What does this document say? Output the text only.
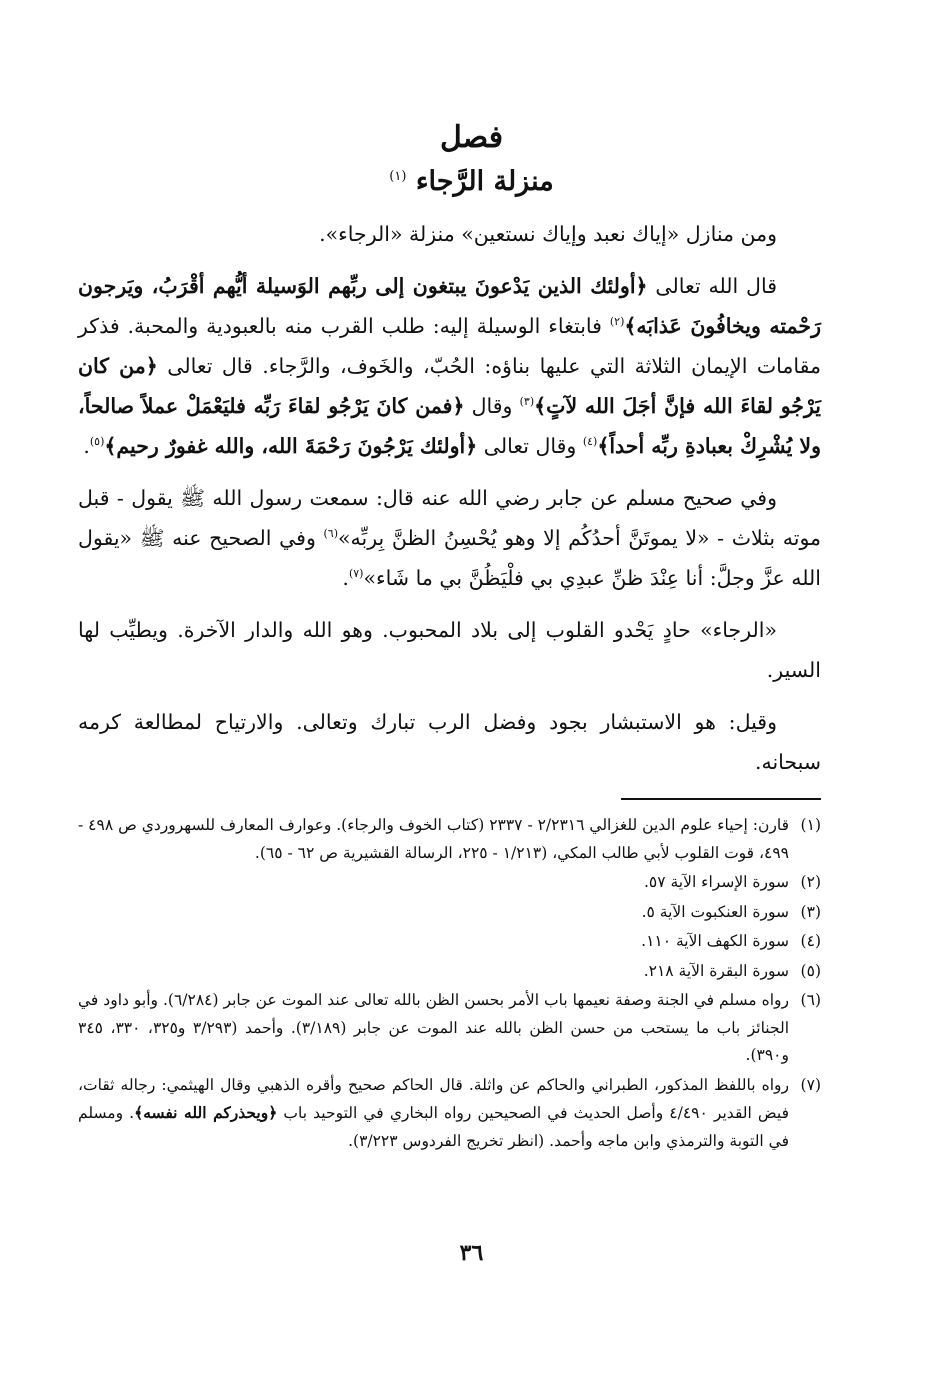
فصل
منزلة الرَّجاء $^{(١)}$

ومن منازل «إياك نعبد وإياك نستعين» منزلة «الرجاء».

قال الله تعالى ﴿أولئك الذين يَدْعونَ يبتغون إلى ربِّهم الوَسيلة أيُّهم أقْرَبُ، ويَرجون رَحْمته ويخافُونَ عَذابَه﴾$^{(٢)}$ فابتغاء الوسيلة إليه: طلب القرب منه بالعبودية والمحبة. فذكر مقامات الإيمان الثلاثة التي عليها بناؤه: الحُبّ، والخَوف، والرَّجاء. قال تعالى ﴿من كان يَرْجُو لقاءَ الله فإنَّ أجَلَ الله لآتٍ﴾$^{(٣)}$ وقال ﴿فمن كانَ يَرْجُو لقاءَ رَبِّه فليَعْمَلْ عملاً صالحاً، ولا يُشْرِكْ بعبادةِ ربِّه أحداً﴾$^{(٤)}$ وقال تعالى ﴿أولئك يَرْجُونَ رَحْمَةَ الله، والله غفورٌ رحيم﴾$^{(٥)}$.

وفي صحيح مسلم عن جابر رضي الله عنه قال: سمعت رسول الله ﷺ يقول - قبل موته بثلاث - «لا يموتَنَّ أحدُكُم إلا وهو يُحْسِنُ الظنَّ بِربِّه»$^{(٦)}$ وفي الصحيح عنه ﷺ «يقول الله عزَّ وجلَّ: أنا عِنْدَ ظنِّ عبدِي بي فلْيَظُنَّ بي ما شَاء»$^{(٧)}$.

«الرجاء» حادٍ يَحْدو القلوب إلى بلاد المحبوب. وهو الله والدار الآخرة. ويطيِّب لها السير.

وقيل: هو الاستبشار بجود وفضل الرب تبارك وتعالى. والارتياح لمطالعة كرمه سبحانه.

(١)
قارن: إحياء علوم الدين للغزالي ٢/٢٣١٦ - ٢٣٣٧ (كتاب الخوف والرجاء). وعوارف المعارف للسهروردي ص ٤٩٨ - ٤٩٩، قوت القلوب لأبي طالب المكي، (١/٢١٣ - ٢٢٥، الرسالة القشيرية ص ٦٢ - ٦٥).
(٢)
سورة الإسراء الآية ٥٧.
(٣)
سورة العنكبوت الآية ٥.
(٤)
سورة الكهف الآية ١١٠.
(٥)
سورة البقرة الآية ٢١٨.
(٦)
رواه مسلم في الجنة وصفة نعيمها باب الأمر بحسن الظن بالله تعالى عند الموت عن جابر (٦/٢٨٤). وأبو داود في الجنائز باب ما يستحب من حسن الظن بالله عند الموت عن جابر (٣/١٨٩). وأحمد (٣/٢٩٣ و٣٢٥، ٣٣٠، ٣٤٥ و٣٩٠).
(٧)
رواه باللفظ المذكور، الطبراني والحاكم عن واثلة. قال الحاكم صحيح وأقره الذهبي وقال الهيثمي: رجاله ثقات، فيض القدير ٤/٤٩٠ وأصل الحديث في الصحيحين رواه البخاري في التوحيد باب ﴿ويحذركم الله نفسه﴾. ومسلم في التوبة والترمذي وابن ماجه وأحمد. (انظر تخريج الفردوس ٣/٢٢٣).
٣٦
